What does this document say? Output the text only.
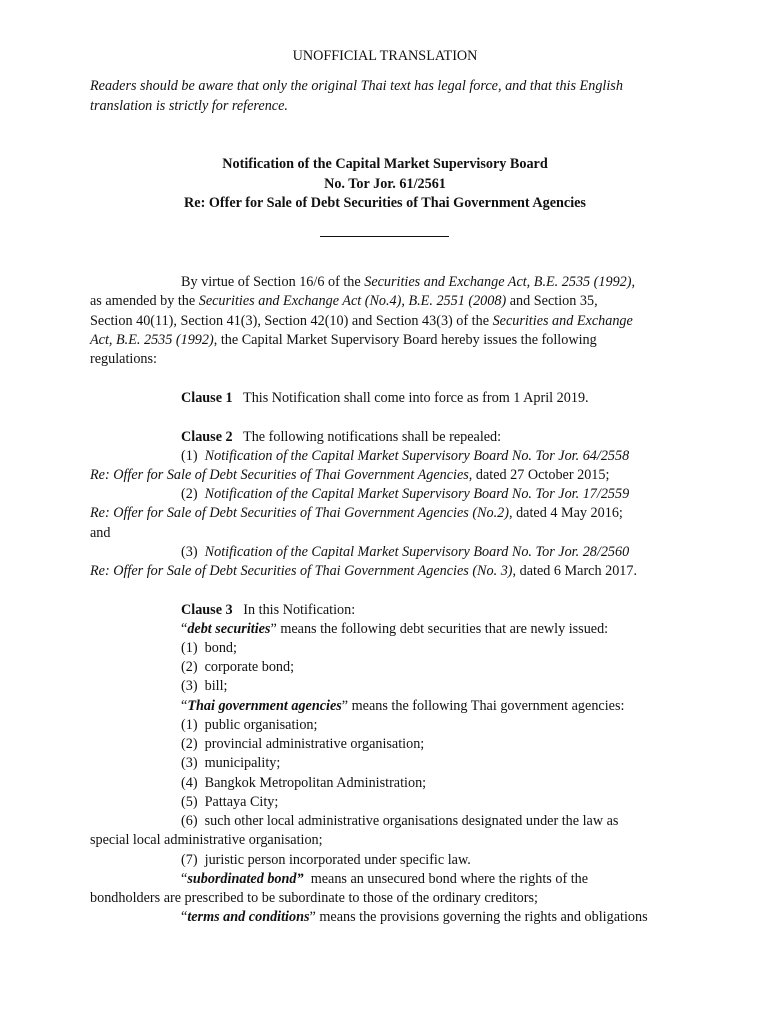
UNOFFICIAL TRANSLATION
Readers should be aware that only the original Thai text has legal force, and that this English
translation is strictly for reference.
Notification of the Capital Market Supervisory Board
No. Tor Jor. 61/2561
Re: Offer for Sale of Debt Securities of Thai Government Agencies
By virtue of Section 16/6 of the Securities and Exchange Act, B.E. 2535 (1992),
as amended by the Securities and Exchange Act (No.4), B.E. 2551 (2008) and Section 35,
Section 40(11), Section 41(3), Section 42(10) and Section 43(3) of the Securities and Exchange
Act, B.E. 2535 (1992), the Capital Market Supervisory Board hereby issues the following
regulations:
Clause 1 This Notification shall come into force as from 1 April 2019.
Clause 2 The following notifications shall be repealed:
(1)  Notification of the Capital Market Supervisory Board No. Tor Jor. 64/2558
Re: Offer for Sale of Debt Securities of Thai Government Agencies, dated 27 October 2015;
(2)  Notification of the Capital Market Supervisory Board No. Tor Jor. 17/2559
Re: Offer for Sale of Debt Securities of Thai Government Agencies (No.2), dated 4 May 2016;
and
(3)  Notification of the Capital Market Supervisory Board No. Tor Jor. 28/2560
Re: Offer for Sale of Debt Securities of Thai Government Agencies (No. 3), dated 6 March 2017.
Clause 3 In this Notification:
“debt securities” means the following debt securities that are newly issued:
(1)  bond;
(2)  corporate bond;
(3)  bill;
“Thai government agencies” means the following Thai government agencies:
(1)  public organisation;
(2)  provincial administrative organisation;
(3)  municipality;
(4)  Bangkok Metropolitan Administration;
(5)  Pattaya City;
(6)  such other local administrative organisations designated under the law as
special local administrative organisation;
(7)  juristic person incorporated under specific law.
“subordinated bond”  means an unsecured bond where the rights of the
bondholders are prescribed to be subordinate to those of the ordinary creditors;
“terms and conditions” means the provisions governing the rights and obligations
